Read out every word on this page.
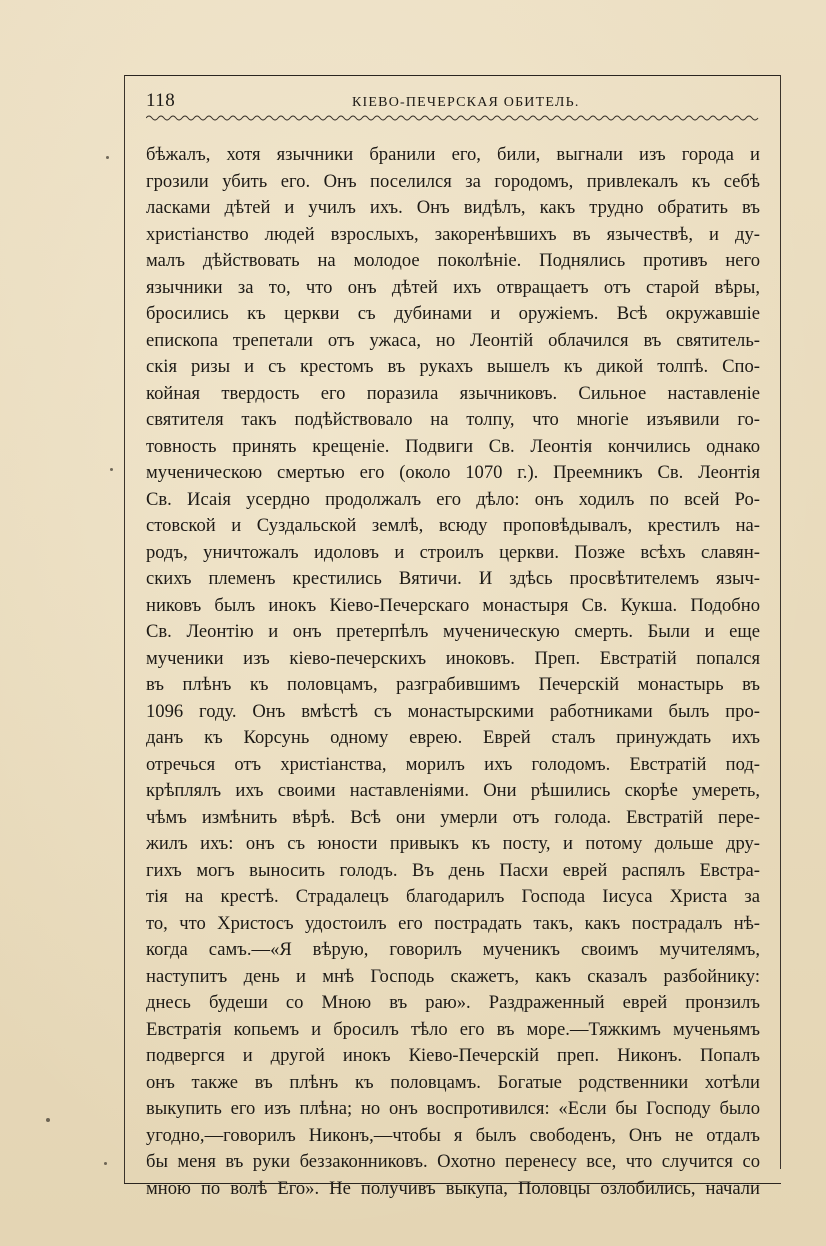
118	КІЕВО-ПЕЧЕРСКАЯ ОБИТЕЛЬ.
бѣжалъ, хотя язычники бранили его, били, выгнали изъ города и
грозили убить его. Онъ поселился за городомъ, привлекалъ къ себѣ
ласками дѣтей и училъ ихъ. Онъ видѣлъ, какъ трудно обратить въ
христіанство людей взрослыхъ, закоренѣвшихъ въ язычествѣ, и ду-
малъ дѣйствовать на молодое поколѣніе. Поднялись противъ него
язычники за то, что онъ дѣтей ихъ отвращаетъ отъ старой вѣры,
бросились къ церкви съ дубинами и оружіемъ. Всѣ окружавшіе
епископа трепетали отъ ужаса, но Леонтій облачился въ святитель-
скія ризы и съ крестомъ въ рукахъ вышелъ къ дикой толпѣ. Спо-
койная твердость его поразила язычниковъ. Сильное наставленіе
святителя такъ подѣйствовало на толпу, что многіе изъявили го-
товность принять крещеніе. Подвиги Св. Леонтія кончились однако
мученическою смертью его (около 1070 г.). Преемникъ Св. Леонтія
Св. Исаія усердно продолжалъ его дѣло: онъ ходилъ по всей Ро-
стовской и Суздальской землѣ, всюду проповѣдывалъ, крестилъ на-
родъ, уничтожалъ идоловъ и строилъ церкви. Позже всѣхъ славян-
скихъ племенъ крестились Вятичи. И здѣсь просвѣтителемъ языч-
никовъ былъ инокъ Кіево-Печерскаго монастыря Св. Кукша. Подобно
Св. Леонтію и онъ претерпѣлъ мученическую смерть. Были и еще
мученики изъ кіево-печерскихъ иноковъ. Преп. Евстратій попался
въ плѣнъ къ половцамъ, разграбившимъ Печерскій монастырь въ
1096 году. Онъ вмѣстѣ съ монастырскими работниками былъ про-
данъ къ Корсунь одному еврею. Еврей сталъ принуждать ихъ
отречься отъ христіанства, морилъ ихъ голодомъ. Евстратій под-
крѣплялъ ихъ своими наставленіями. Они рѣшились скорѣе умереть,
чѣмъ измѣнить вѣрѣ. Всѣ они умерли отъ голода. Евстратій пере-
жилъ ихъ: онъ съ юности привыкъ къ посту, и потому дольше дру-
гихъ могъ выносить голодъ. Въ день Пасхи еврей распялъ Евстра-
тія на крестѣ. Страдалецъ благодарилъ Господа Іисуса Христа за
то, что Христосъ удостоилъ его пострадать такъ, какъ пострадалъ нѣ-
когда самъ.—«Я вѣрую, говорилъ мученикъ своимъ мучителямъ,
наступитъ день и мнѣ Господь скажетъ, какъ сказалъ разбойнику:
днесь будеши со Мною въ раю». Раздраженный еврей пронзилъ
Евстратія копьемъ и бросилъ тѣло его въ море.—Тяжкимъ мученьямъ
подвергся и другой инокъ Кіево-Печерскій преп. Никонъ. Попалъ
онъ также въ плѣнъ къ половцамъ. Богатые родственники хотѣли
выкупить его изъ плѣна; но онъ воспротивился: «Если бы Господу было
угодно,—говорилъ Никонъ,—чтобы я былъ свободенъ, Онъ не отдалъ
бы меня въ руки беззаконниковъ. Охотно перенесу все, что случится со
мною по волѣ Его». Не получивъ выкупа, Половцы озлобились, начали
